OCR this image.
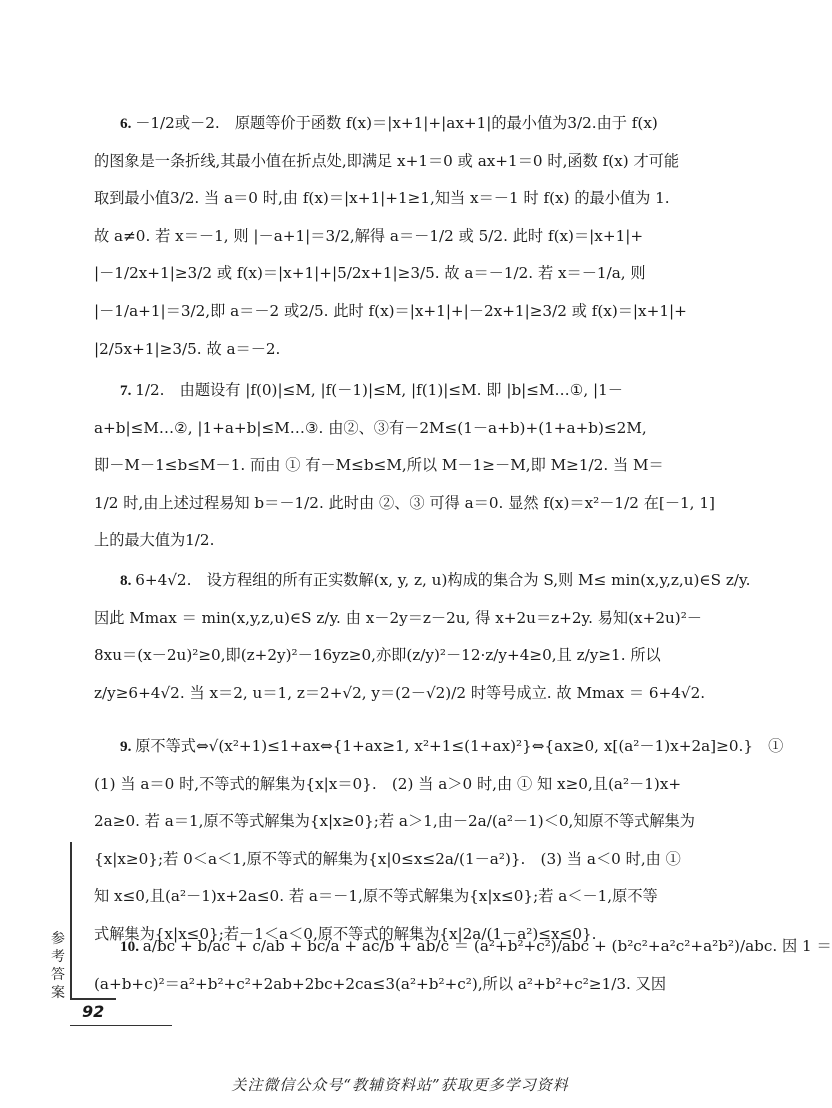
6. －1/2或－2.　原题等价于函数 f(x)＝|x+1|+|ax+1|的最小值为3/2.由于 f(x)
的图象是一条折线,其最小值在折点处,即满足 x+1＝0 或 ax+1＝0 时,函数 f(x) 才可能
取到最小值3/2. 当 a＝0 时,由 f(x)＝|x+1|+1≥1,知当 x＝－1 时 f(x) 的最小值为 1.
故 a≠0. 若 x＝－1, 则 |－a+1|＝3/2,解得 a＝－1/2 或 5/2. 此时 f(x)＝|x+1|+
|－1/2x+1|≥3/2 或 f(x)＝|x+1|+|5/2x+1|≥3/5. 故 a＝－1/2. 若 x＝－1/a, 则
|－1/a+1|＝3/2,即 a＝－2 或2/5. 此时 f(x)＝|x+1|+|－2x+1|≥3/2 或 f(x)＝|x+1|+
|2/5x+1|≥3/5. 故 a＝－2.
7. 1/2.　由题设有 |f(0)|≤M, |f(－1)|≤M, |f(1)|≤M. 即 |b|≤M…①, |1－
a+b|≤M…②, |1+a+b|≤M…③. 由②、③有－2M≤(1－a+b)+(1+a+b)≤2M,
即－M－1≤b≤M－1. 而由 ① 有－M≤b≤M,所以 M－1≥－M,即 M≥1/2. 当 M＝
1/2 时,由上述过程易知 b＝－1/2. 此时由 ②、③ 可得 a＝0. 显然 f(x)＝x²－1/2 在[－1, 1]
上的最大值为1/2.
8. 6+4√2.　设方程组的所有正实数解(x, y, z, u)构成的集合为 S,则 M≤ min(x,y,z,u)∈S z/y.
因此 Mmax ＝ min(x,y,z,u)∈S z/y. 由 x－2y＝z－2u, 得 x+2u＝z+2y. 易知(x+2u)²－
8xu＝(x－2u)²≥0,即(z+2y)²－16yz≥0,亦即(z/y)²－12·z/y+4≥0,且 z/y≥1. 所以
z/y≥6+4√2. 当 x＝2, u＝1, z＝2+√2, y＝(2－√2)/2 时等号成立. 故 Mmax ＝ 6+4√2.
9. 原不等式⇔√(x²+1)≤1+ax⇔{1+ax≥1, x²+1≤(1+ax)²}⇔{ax≥0, x[(a²－1)x+2a]≥0.}　①
(1) 当 a＝0 时,不等式的解集为{x|x＝0}.　(2) 当 a＞0 时,由 ① 知 x≥0,且(a²－1)x+
2a≥0. 若 a＝1,原不等式解集为{x|x≥0};若 a＞1,由－2a/(a²－1)＜0,知原不等式解集为
{x|x≥0};若 0＜a＜1,原不等式的解集为{x|0≤x≤2a/(1－a²)}.　(3) 当 a＜0 时,由 ①
知 x≤0,且(a²－1)x+2a≤0. 若 a＝－1,原不等式解集为{x|x≤0};若 a＜－1,原不等
式解集为{x|x≤0};若－1＜a＜0,原不等式的解集为{x|2a/(1－a²)≤x≤0}.
10. a/bc + b/ac + c/ab + bc/a + ac/b + ab/c ＝ (a²+b²+c²)/abc + (b²c²+a²c²+a²b²)/abc. 因 1 ＝
(a+b+c)²＝a²+b²+c²+2ab+2bc+2ca≤3(a²+b²+c²),所以 a²+b²+c²≥1/3. 又因
参考答案
92
关注微信公众号“教辅资料站”获取更多学习资料
